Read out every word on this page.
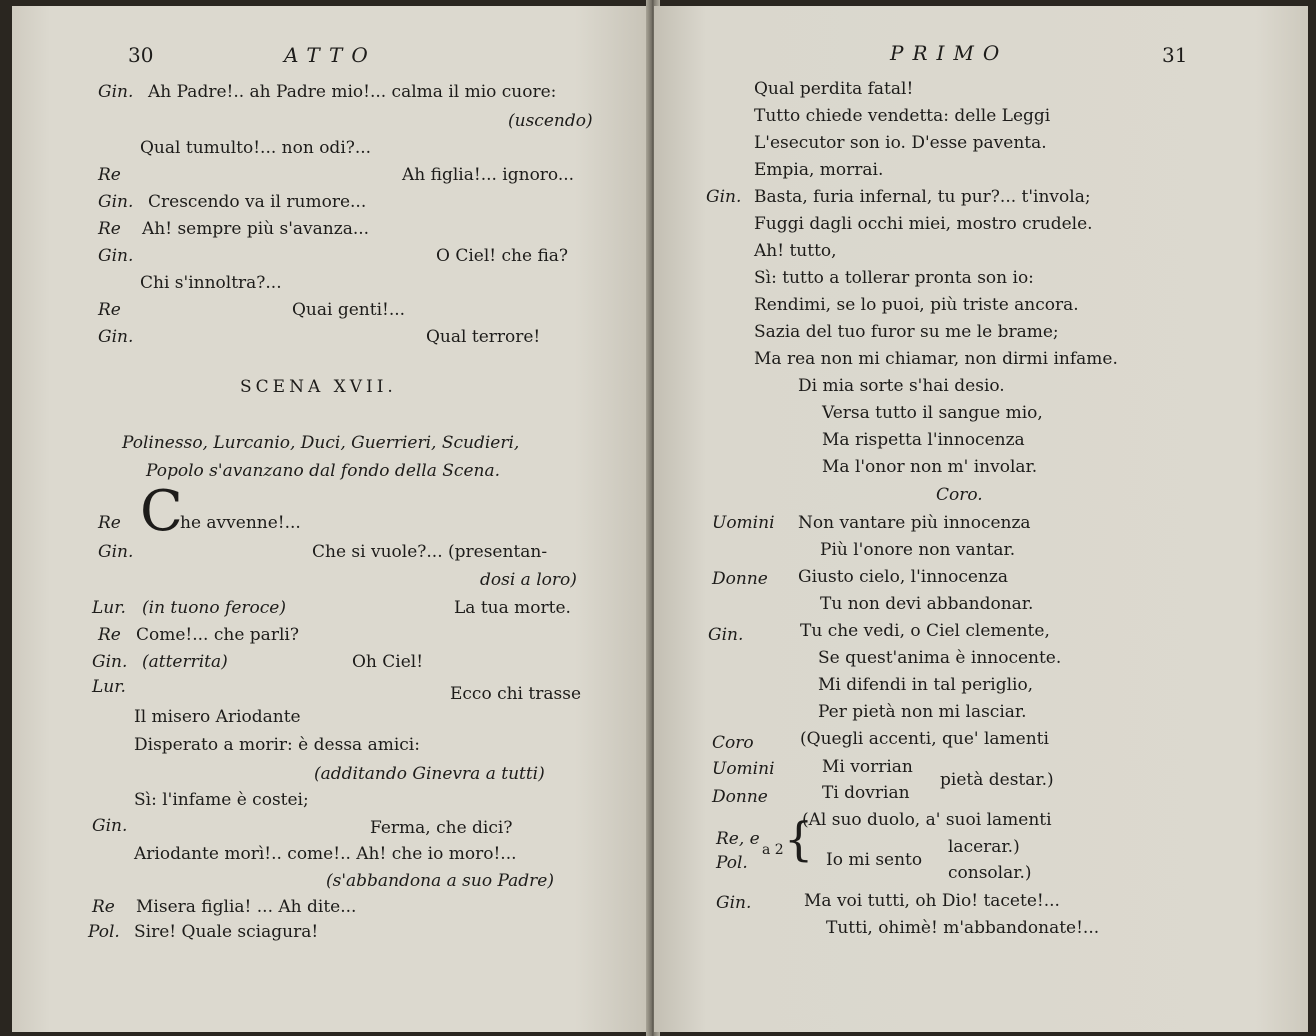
30	ATTO
Gin. Ah Padre!.. ah Padre mio!... calma il mio cuore:
(uscendo)
Qual tumulto!... non odi?...
Re	Ah figlia!... ignoro...
Gin. Crescendo va il rumore...
Re Ah! sempre più s'avanza...
Gin.	O Ciel! che fia?
Chi s'innoltra?...
Re	Quai genti!...
Gin.	Qual terrore!
SCENA XVII.
Polinesso, Lurcanio, Duci, Guerrieri, Scudieri,
Popolo s'avanzano dal fondo della Scena.
Re C
he avvenne!...
Gin.	Che si vuole?... (presentan-
dosi a loro)
Lur. (in tuono feroce)	La tua morte.
Re Come!... che parli?
Gin. (atterrita)	Oh Ciel!
Lur.	Ecco chi trasse
Il misero Ariodante
Disperato a morir: è dessa amici:
(additando Ginevra a tutti)
Sì: l'infame è costei;
Gin.	Ferma, che dici?
Ariodante morì!.. come!.. Ah! che io moro!...
(s'abbandona a suo Padre)
Re Misera figlia! ... Ah dite...
Pol. Sire! Quale sciagura!
PRIMO	31
Qual perdita fatal!
Tutto chiede vendetta: delle Leggi
L'esecutor son io. D'esse paventa.
Empia, morrai.
Gin. Basta, furia infernal, tu pur?... t'invola;
Fuggi dagli occhi miei, mostro crudele.
Ah! tutto,
Sì: tutto a tollerar pronta son io:
Rendimi, se lo puoi, più triste ancora.
Sazia del tuo furor su me le brame;
Ma rea non mi chiamar, non dirmi infame.
Di mia sorte s'hai desio.
Versa tutto il sangue mio,
Ma rispetta l'innocenza
Ma l'onor non m' involar.
Coro.
Uomini Non vantare più innocenza
Più l'onore non vantar.
Donne Giusto cielo, l'innocenza
Tu non devi abbandonar.
Gin.	Tu che vedi, o Ciel clemente,
Se quest'anima è innocente.
Mi difendi in tal periglio,
Per pietà non mi lasciar.
Coro	(Quegli accenti, que' lamenti
Uomini	Mi vorrian
pietà destar.)
Donne	Ti dovrian
(Al suo duolo, a' suoi lamenti
{
Re, e
a 2	lacerar.)
Pol.	Io mi sento
consolar.)
Gin.	Ma voi tutti, oh Dio! tacete!...
Tutti, ohimè! m'abbandonate!...
